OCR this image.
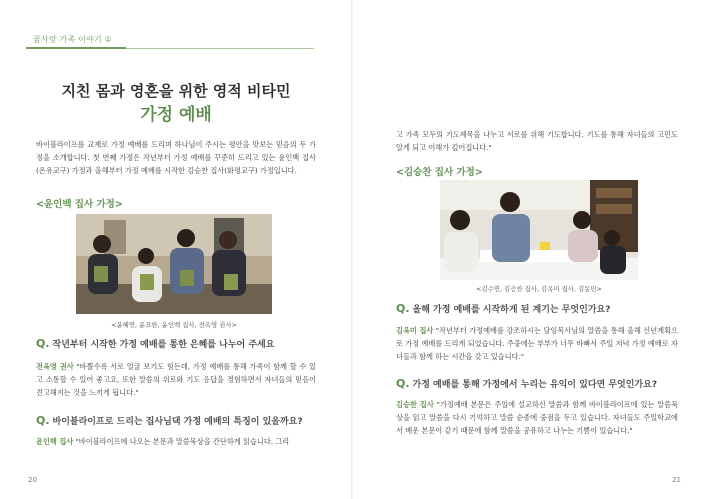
꿈사랑 가족 이야기 ①
지친 몸과 영혼을 위한 영적 비타민
가정 예배
바이블라이프를 교재로 가정 예배를 드리며 하나님이 주시는 평안을 맛보는 믿음의 두 가정을 소개합니다. 첫 번째 가정은 작년부터 가정 예배를 꾸준히 드리고 있는 윤인백 집사(온유교구) 가정과 올해부터 가정 예배를 시작한 김승찬 집사(화평교구) 가정입니다.
<윤인백 집사 가정>
<윤혜연, 윤요한, 윤인백 집사, 전옥영 권사>
Q. 작년부터 시작한 가정 예배를 통한 은혜를 나누어 주세요
전옥영 권사 "바쁠수록 서로 얼굴 보기도 힘든데, 가정 예배를 통해 가족이 함께 할 수 있고 소통할 수 있어 좋고요, 또한 말씀의 위로와 기도 응답을 경험하면서 자녀들의 믿음이 견고해지는 것을 느끼게 됩니다."
Q. 바이블라이프로 드리는 집사님댁 가정 예배의 특징이 있을까요?
윤인백 집사 "바이블라이프에 나오는 본문과 말씀묵상을 간단하게 읽습니다. 그리
20
고 가족 모두의 기도제목을 나누고 서로를 위해 기도합니다. 기도를 통해 자녀들의 고민도 알게 되고 이해가 깊어집니다."
<김승찬 집사 가정>
<김수연, 김승찬 집사, 김옥미 집사, 김동민>
Q. 올해 가정 예배를 시작하게 된 계기는 무엇인가요?
김옥미 집사 "작년부터 가정예배를 강조하시는 담임목사님의 말씀을 통해 올해 신년계획으로 가정 예배를 드리게 되었습니다. 주중에는 부부가 너무 바빠서 주일 저녁 가정 예배로 자녀들과 함께 하는 시간을 갖고 있습니다."
Q. 가정 예배를 통해 가정에서 누리는 유익이 있다면 무엇인가요?
김승찬 집사 "가정예배 본문은 주일에 설교하신 말씀과 함께 바이블라이프에 있는 말씀묵상을 읽고 말씀을 다시 기억하고 말씀 순종에 중점을 두고 있습니다. 자녀들도 주일학교에서 배운 본문이 같기 때문에 함께 말씀을 공유하고 나누는 기쁨이 있습니다."
21
